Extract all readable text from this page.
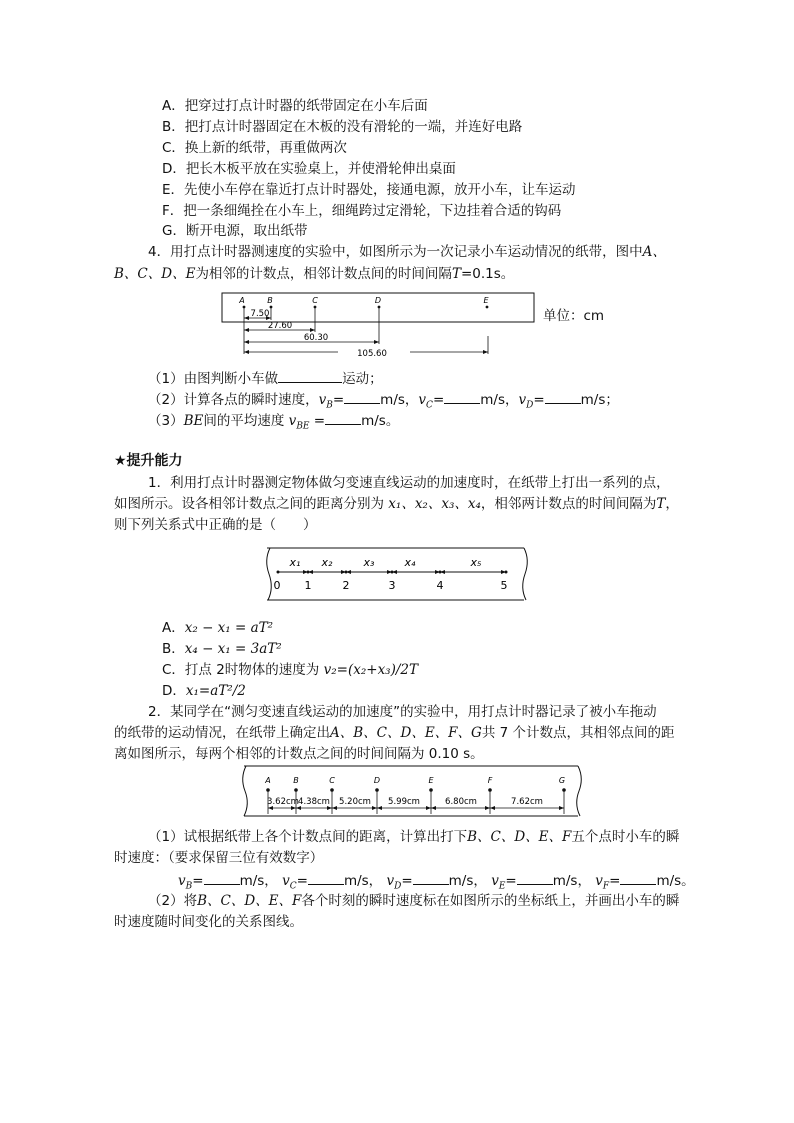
A．把穿过打点计时器的纸带固定在小车后面
B．把打点计时器固定在木板的没有滑轮的一端，并连好电路
C．换上新的纸带，再重做两次
D．把长木板平放在实验桌上，并使滑轮伸出桌面
E．先使小车停在靠近打点计时器处，接通电源，放开小车，让车运动
F．把一条细绳拴在小车上，细绳跨过定滑轮，下边挂着合适的钩码
G．断开电源，取出纸带
4．用打点计时器测速度的实验中，如图所示为一次记录小车运动情况的纸带，图中A、
B、C、D、E为相邻的计数点，相邻计数点间的时间间隔T=0.1s。
A	B	C	D	E
7.50
27.60
60.30
105.60
单位：cm
（1）由图判断小车做	运动；
（2）计算各点的瞬时速度，$v_B=$	m/s，$v_C=$	m/s，$v_D=$	m/s；
（3）BE间的平均速度 $v_{BE}$ =	m/s。
★提升能力
1．利用打点计时器测定物体做匀变速直线运动的加速度时，在纸带上打出一系列的点，
如图所示。设各相邻计数点之间的距离分别为 x₁、x₂、x₃、x₄，相邻两计数点的时间间隔为T，
则下列关系式中正确的是（　　）
x₁ x₂	x₃	x₄	x₅
0 1	2	3	4	5
A．x₂ − x₁ = aT²
B．x₄ − x₁ = 3aT²
C．打点 2时物体的速度为 v₂=(x₂+x₃)/2T
D．x₁=aT²/2
2．某同学在“测匀变速直线运动的加速度”的实验中，用打点计时器记录了被小车拖动
的纸带的运动情况，在纸带上确定出A、B、C、D、E、F、G共 7 个计数点，其相邻点间的距
离如图所示，每两个相邻的计数点之间的时间间隔为 0.10 s。
A	B	C	D	E	F	G
3.62cm 4.38cm 5.20cm 5.99cm	6.80cm	7.62cm
（1）试根据纸带上各个计数点间的距离，计算出打下B、C、D、E、F五个点时小车的瞬
时速度：（要求保留三位有效数字）
$v_B=$	m/s， $v_C=$	m/s， $v_D=$	m/s， $v_E=$	m/s， $v_F=$	m/s。
（2）将B、C、D、E、F各个时刻的瞬时速度标在如图所示的坐标纸上，并画出小车的瞬
时速度随时间变化的关系图线。
